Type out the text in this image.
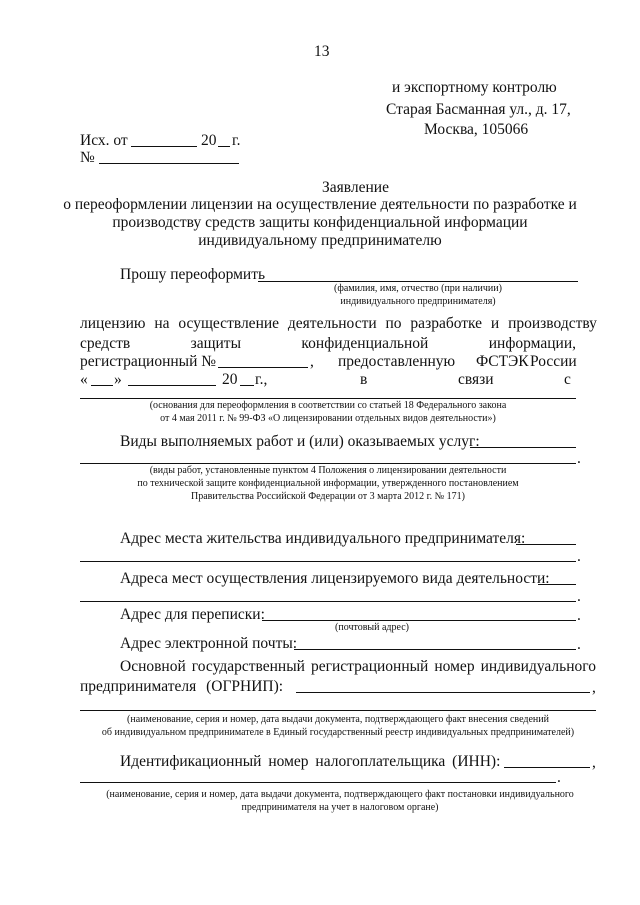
13
и экспортному контролю
Старая Басманная ул., д. 17,
Москва, 105066
Исх. от	20 г.
№
Заявление
о переоформлении лицензии на осуществление деятельности по разработке и
производству средств защиты конфиденциальной информации
индивидуальному предпринимателю
Прошу переоформить
(фамилия, имя, отчество (при наличии)
индивидуального предпринимателя)
лицензию на осуществление деятельности по разработке и производству
средств	защиты	конфиденциальной	информации,
регистрационный №	, предоставленную ФСТЭК России
« »	20 г.,	в	связи	с
(основания для переоформления в соответствии со статьей 18 Федерального закона
от 4 мая 2011 г. № 99-ФЗ «О лицензировании отдельных видов деятельности»)
Виды выполняемых работ и (или) оказываемых услуг:
.
(виды работ, установленные пунктом 4 Положения о лицензировании деятельности
по технической защите конфиденциальной информации, утвержденного постановлением
Правительства Российской Федерации от 3 марта 2012 г. № 171)
Адрес места жительства индивидуального предпринимателя:
.
Адреса мест осуществления лицензируемого вида деятельности:
.
Адрес для переписки:	.
(почтовый адрес)
Адрес электронной почты:	.
Основной государственный регистрационный номер индивидуального
предпринимателя (ОГРНИП):	,
(наименование, серия и номер, дата выдачи документа, подтверждающего факт внесения сведений
об индивидуальном предпринимателе в Единый государственный реестр индивидуальных предпринимателей)
Идентификационный номер налогоплательщика (ИНН):	,
.
(наименование, серия и номер, дата выдачи документа, подтверждающего факт постановки индивидуального
предпринимателя на учет в налоговом органе)
